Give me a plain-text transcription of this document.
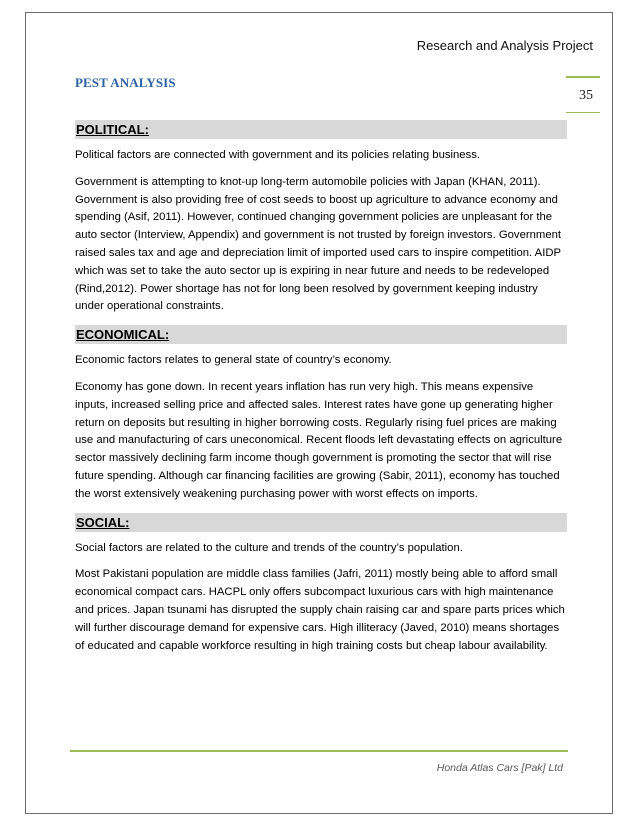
Research and Analysis Project
35
PEST ANALYSIS
POLITICAL:

Political factors are connected with government and its policies relating business.

Government is attempting to knot-up long-term automobile policies with Japan (KHAN, 2011). Government is also providing free of cost seeds to boost up agriculture to advance economy and spending (Asif, 2011). However, continued changing government policies are unpleasant for the auto sector (Interview, Appendix) and government is not trusted by foreign investors. Government raised sales tax and age and depreciation limit of imported used cars to inspire competition. AIDP which was set to take the auto sector up is expiring in near future and needs to be redeveloped (Rind,2012). Power shortage has not for long been resolved by government keeping industry under operational constraints.

ECONOMICAL:

Economic factors relates to general state of country’s economy.

Economy has gone down. In recent years inflation has run very high. This means expensive inputs, increased selling price and affected sales. Interest rates have gone up generating higher return on deposits but resulting in higher borrowing costs. Regularly rising fuel prices are making use and manufacturing of cars uneconomical. Recent floods left devastating effects on agriculture sector massively declining farm income though government is promoting the sector that will rise future spending. Although car financing facilities are growing (Sabir, 2011), economy has touched the worst extensively weakening purchasing power with worst effects on imports.

SOCIAL:

Social factors are related to the culture and trends of the country’s population.

Most Pakistani population are middle class families (Jafri, 2011) mostly being able to afford small economical compact cars. HACPL only offers subcompact luxurious cars with high maintenance and prices. Japan tsunami has disrupted the supply chain raising car and spare parts prices which will further discourage demand for expensive cars. High illiteracy (Javed, 2010) means shortages of educated and capable workforce resulting in high training costs but cheap labour availability.

Honda Atlas Cars [Pak] Ltd
